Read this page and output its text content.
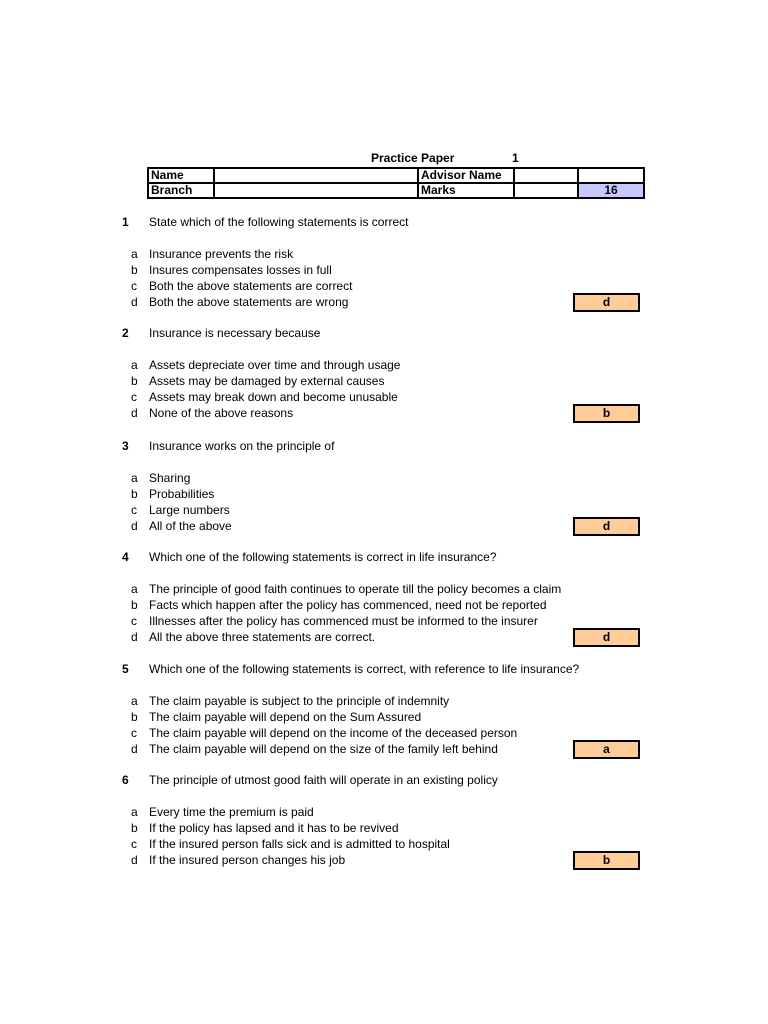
Practice Paper	1
Name		Advisor Name		
Branch		Marks		16
1 State which of the following statements is correct
a Insurance prevents the risk
b Insures compensates losses in full
c Both the above statements are correct
d Both the above statements are wrong	d
2 Insurance is necessary because
a Assets depreciate over time and through usage
b Assets may be damaged by external causes
c Assets may break down and become unusable
d None of the above reasons	b
3 Insurance works on the principle of
a Sharing
b Probabilities
c Large numbers
d All of the above	d
4 Which one of the following statements is correct in life insurance?
a The principle of good faith continues to operate till the policy becomes a claim
b Facts which happen after the policy has commenced, need not be reported
c Illnesses after the policy has commenced must be informed to the insurer
d All the above three statements are correct.	d
5 Which one of the following statements is correct, with reference to life insurance?
a The claim payable is subject to the principle of indemnity
b The claim payable will depend on the Sum Assured
c The claim payable will depend on the income of the deceased person
d The claim payable will depend on the size of the family left behind	a
6 The principle of utmost good faith will operate in an existing policy
a Every time the premium is paid
b If the policy has lapsed and it has to be revived
c If the insured person falls sick and is admitted to hospital
d If the insured person changes his job	b
